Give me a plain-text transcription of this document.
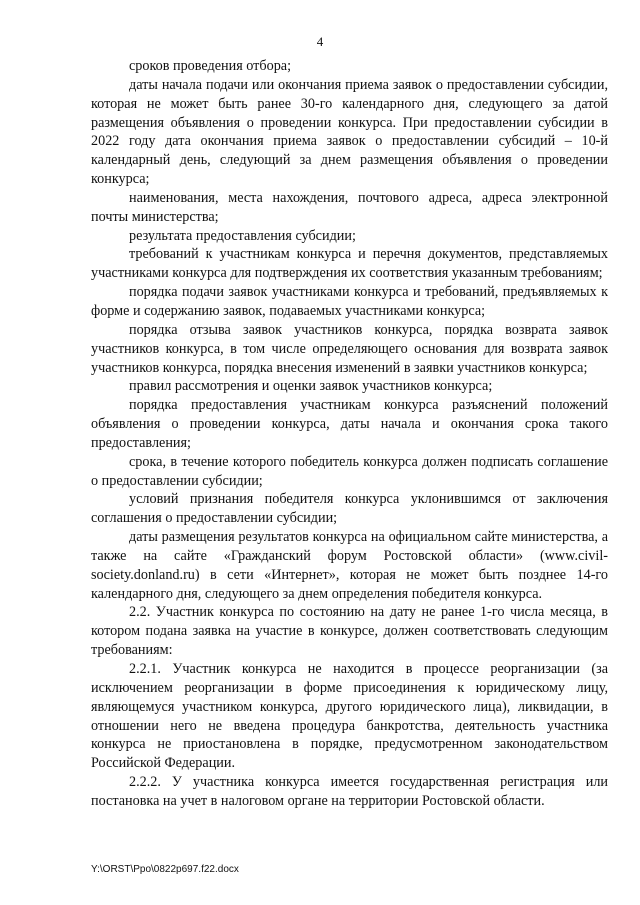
4

сроков проведения отбора;

даты начала подачи или окончания приема заявок о предоставлении субсидии, которая не может быть ранее 30-го календарного дня, следующего за датой размещения объявления о проведении конкурса. При предоставлении субсидии в 2022 году дата окончания приема заявок о предоставлении субсидий – 10-й календарный день, следующий за днем размещения объявления о проведении конкурса;

наименования, места нахождения, почтового адреса, адреса электронной почты министерства;

результата предоставления субсидии;

требований к участникам конкурса и перечня документов, представляемых участниками конкурса для подтверждения их соответствия указанным требованиям;

порядка подачи заявок участниками конкурса и требований, предъявляемых к форме и содержанию заявок, подаваемых участниками конкурса;

порядка отзыва заявок участников конкурса, порядка возврата заявок участников конкурса, в том числе определяющего основания для возврата заявок участников конкурса, порядка внесения изменений в заявки участников конкурса;

правил рассмотрения и оценки заявок участников конкурса;

порядка предоставления участникам конкурса разъяснений положений объявления о проведении конкурса, даты начала и окончания срока такого предоставления;

срока, в течение которого победитель конкурса должен подписать соглашение о предоставлении субсидии;

условий признания победителя конкурса уклонившимся от заключения соглашения о предоставлении субсидии;

даты размещения результатов конкурса на официальном сайте министерства, а также на сайте «Гражданский форум Ростовской области» (www.civil-society.donland.ru) в сети «Интернет», которая не может быть позднее 14-го календарного дня, следующего за днем определения победителя конкурса.

2.2. Участник конкурса по состоянию на дату не ранее 1-го числа месяца, в котором подана заявка на участие в конкурсе, должен соответствовать следующим требованиям:

2.2.1. Участник конкурса не находится в процессе реорганизации (за исключением реорганизации в форме присоединения к юридическому лицу, являющемуся участником конкурса, другого юридического лица), ликвидации, в отношении него не введена процедура банкротства, деятельность участника конкурса не приостановлена в порядке, предусмотренном законодательством Российской Федерации.

2.2.2. У участника конкурса имеется государственная регистрация или постановка на учет в налоговом органе на территории Ростовской области.

Y:\ORST\Ppo\0822p697.f22.docx
